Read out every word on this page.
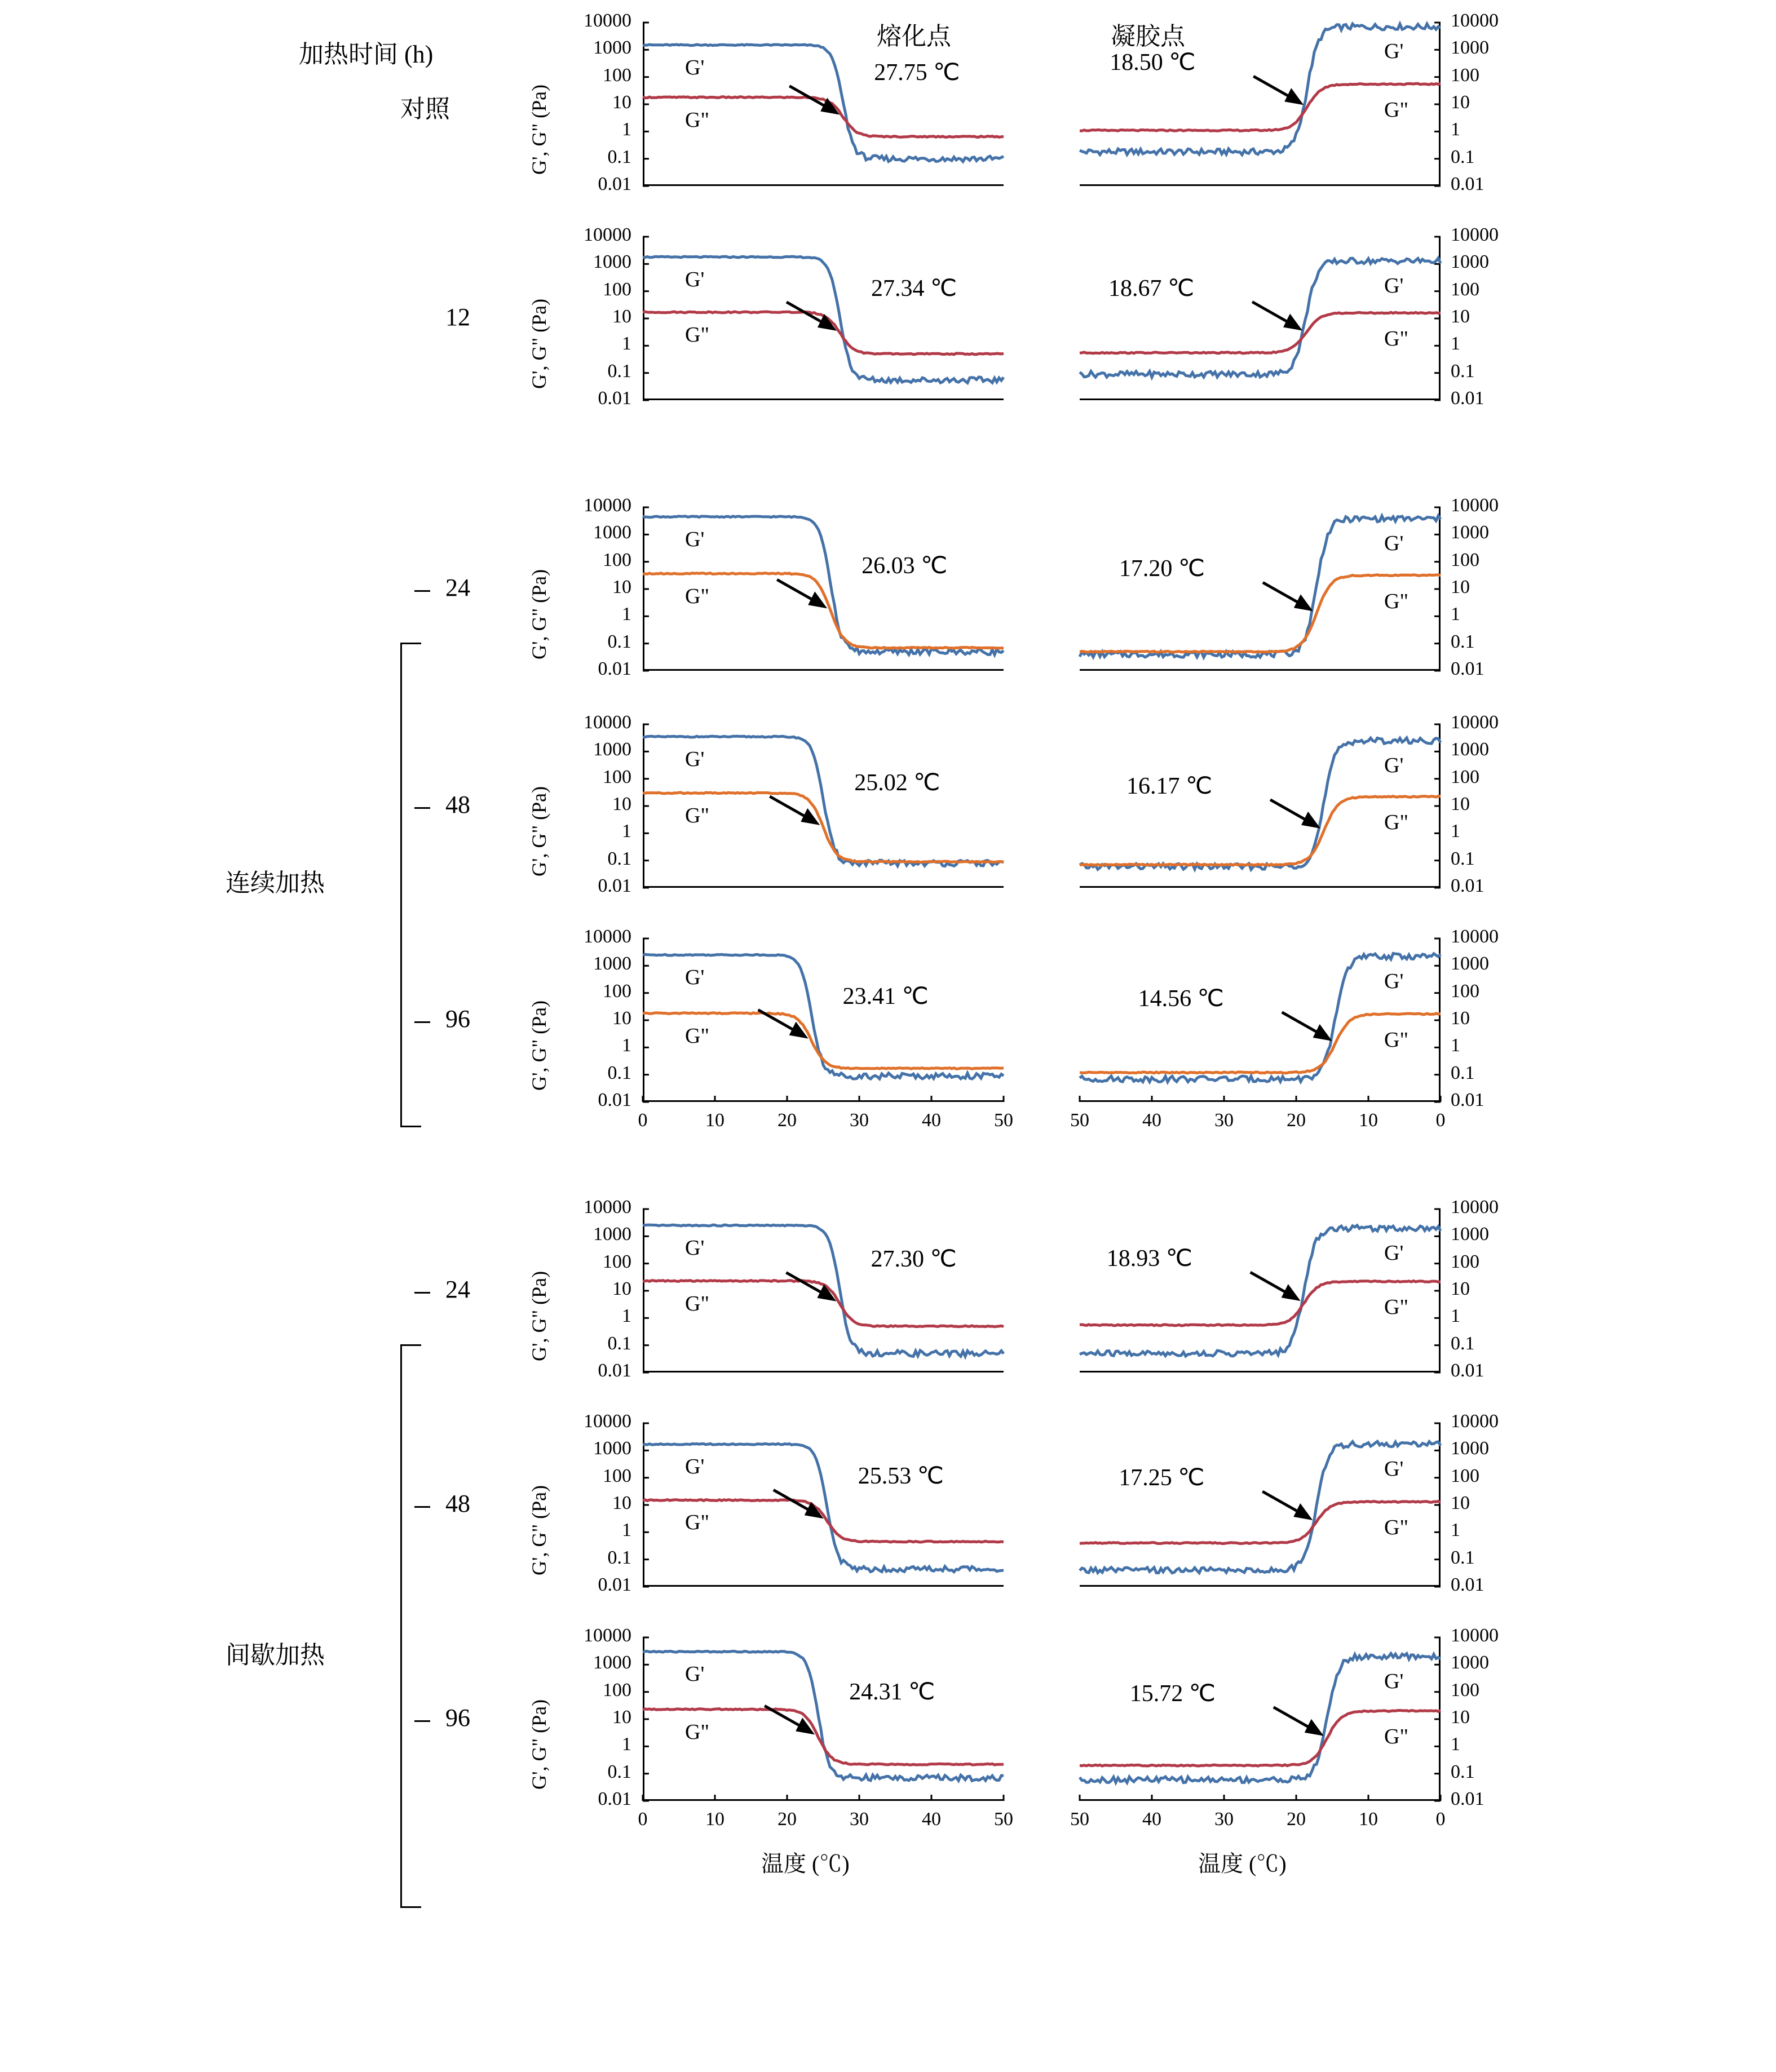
加热时间 (h)
熔化点	凝胶点
连续加热
间歇加热
对照
10000
1000
100
10
1
0.1
0.01
G', G" (Pa)
G'
G"
27.75 ℃
10000
1000
100
10
1
0.1
0.01
G'
G"
18.50 ℃
12
10000
1000
100
10
1
0.1
0.01
G', G" (Pa)
G'
G"
27.34 ℃
10000
1000
100
10
1
0.1
0.01
G'
G"
18.67 ℃
24
10000
1000
100
10
1
0.1
0.01
G', G" (Pa)
G'
G"
26.03 ℃
10000
1000
100
10
1
0.1
0.01
G'
G"
17.20 ℃
48
10000
1000
100
10
1
0.1
0.01
G', G" (Pa)
G'
G"
25.02 ℃
10000
1000
100
10
1
0.1
0.01
G'
G"
16.17 ℃
96
10000
1000
100
10
1
0.1
0.01
G', G" (Pa)
G'
G"
23.41 ℃
0	10	20	30	40	50
10000
1000
100
10
1
0.1
0.01
G'
G"
14.56 ℃
50	40	30	20	10	0
24
10000
1000
100
10
1
0.1
0.01
G', G" (Pa)
G'
G"
27.30 ℃
10000
1000
100
10
1
0.1
0.01
G'
G"
18.93 ℃
48
10000
1000
100
10
1
0.1
0.01
G', G" (Pa)
G'
G"
25.53 ℃
10000
1000
100
10
1
0.1
0.01
G'
G"
17.25 ℃
96
10000
1000
100
10
1
0.1
0.01
G', G" (Pa)
G'
G"
24.31 ℃
0	10	20	30	40	50
10000
1000
100
10
1
0.1
0.01
G'
G"
15.72 ℃
50	40	30	20	10	0
温度 (℃)	温度 (℃)
